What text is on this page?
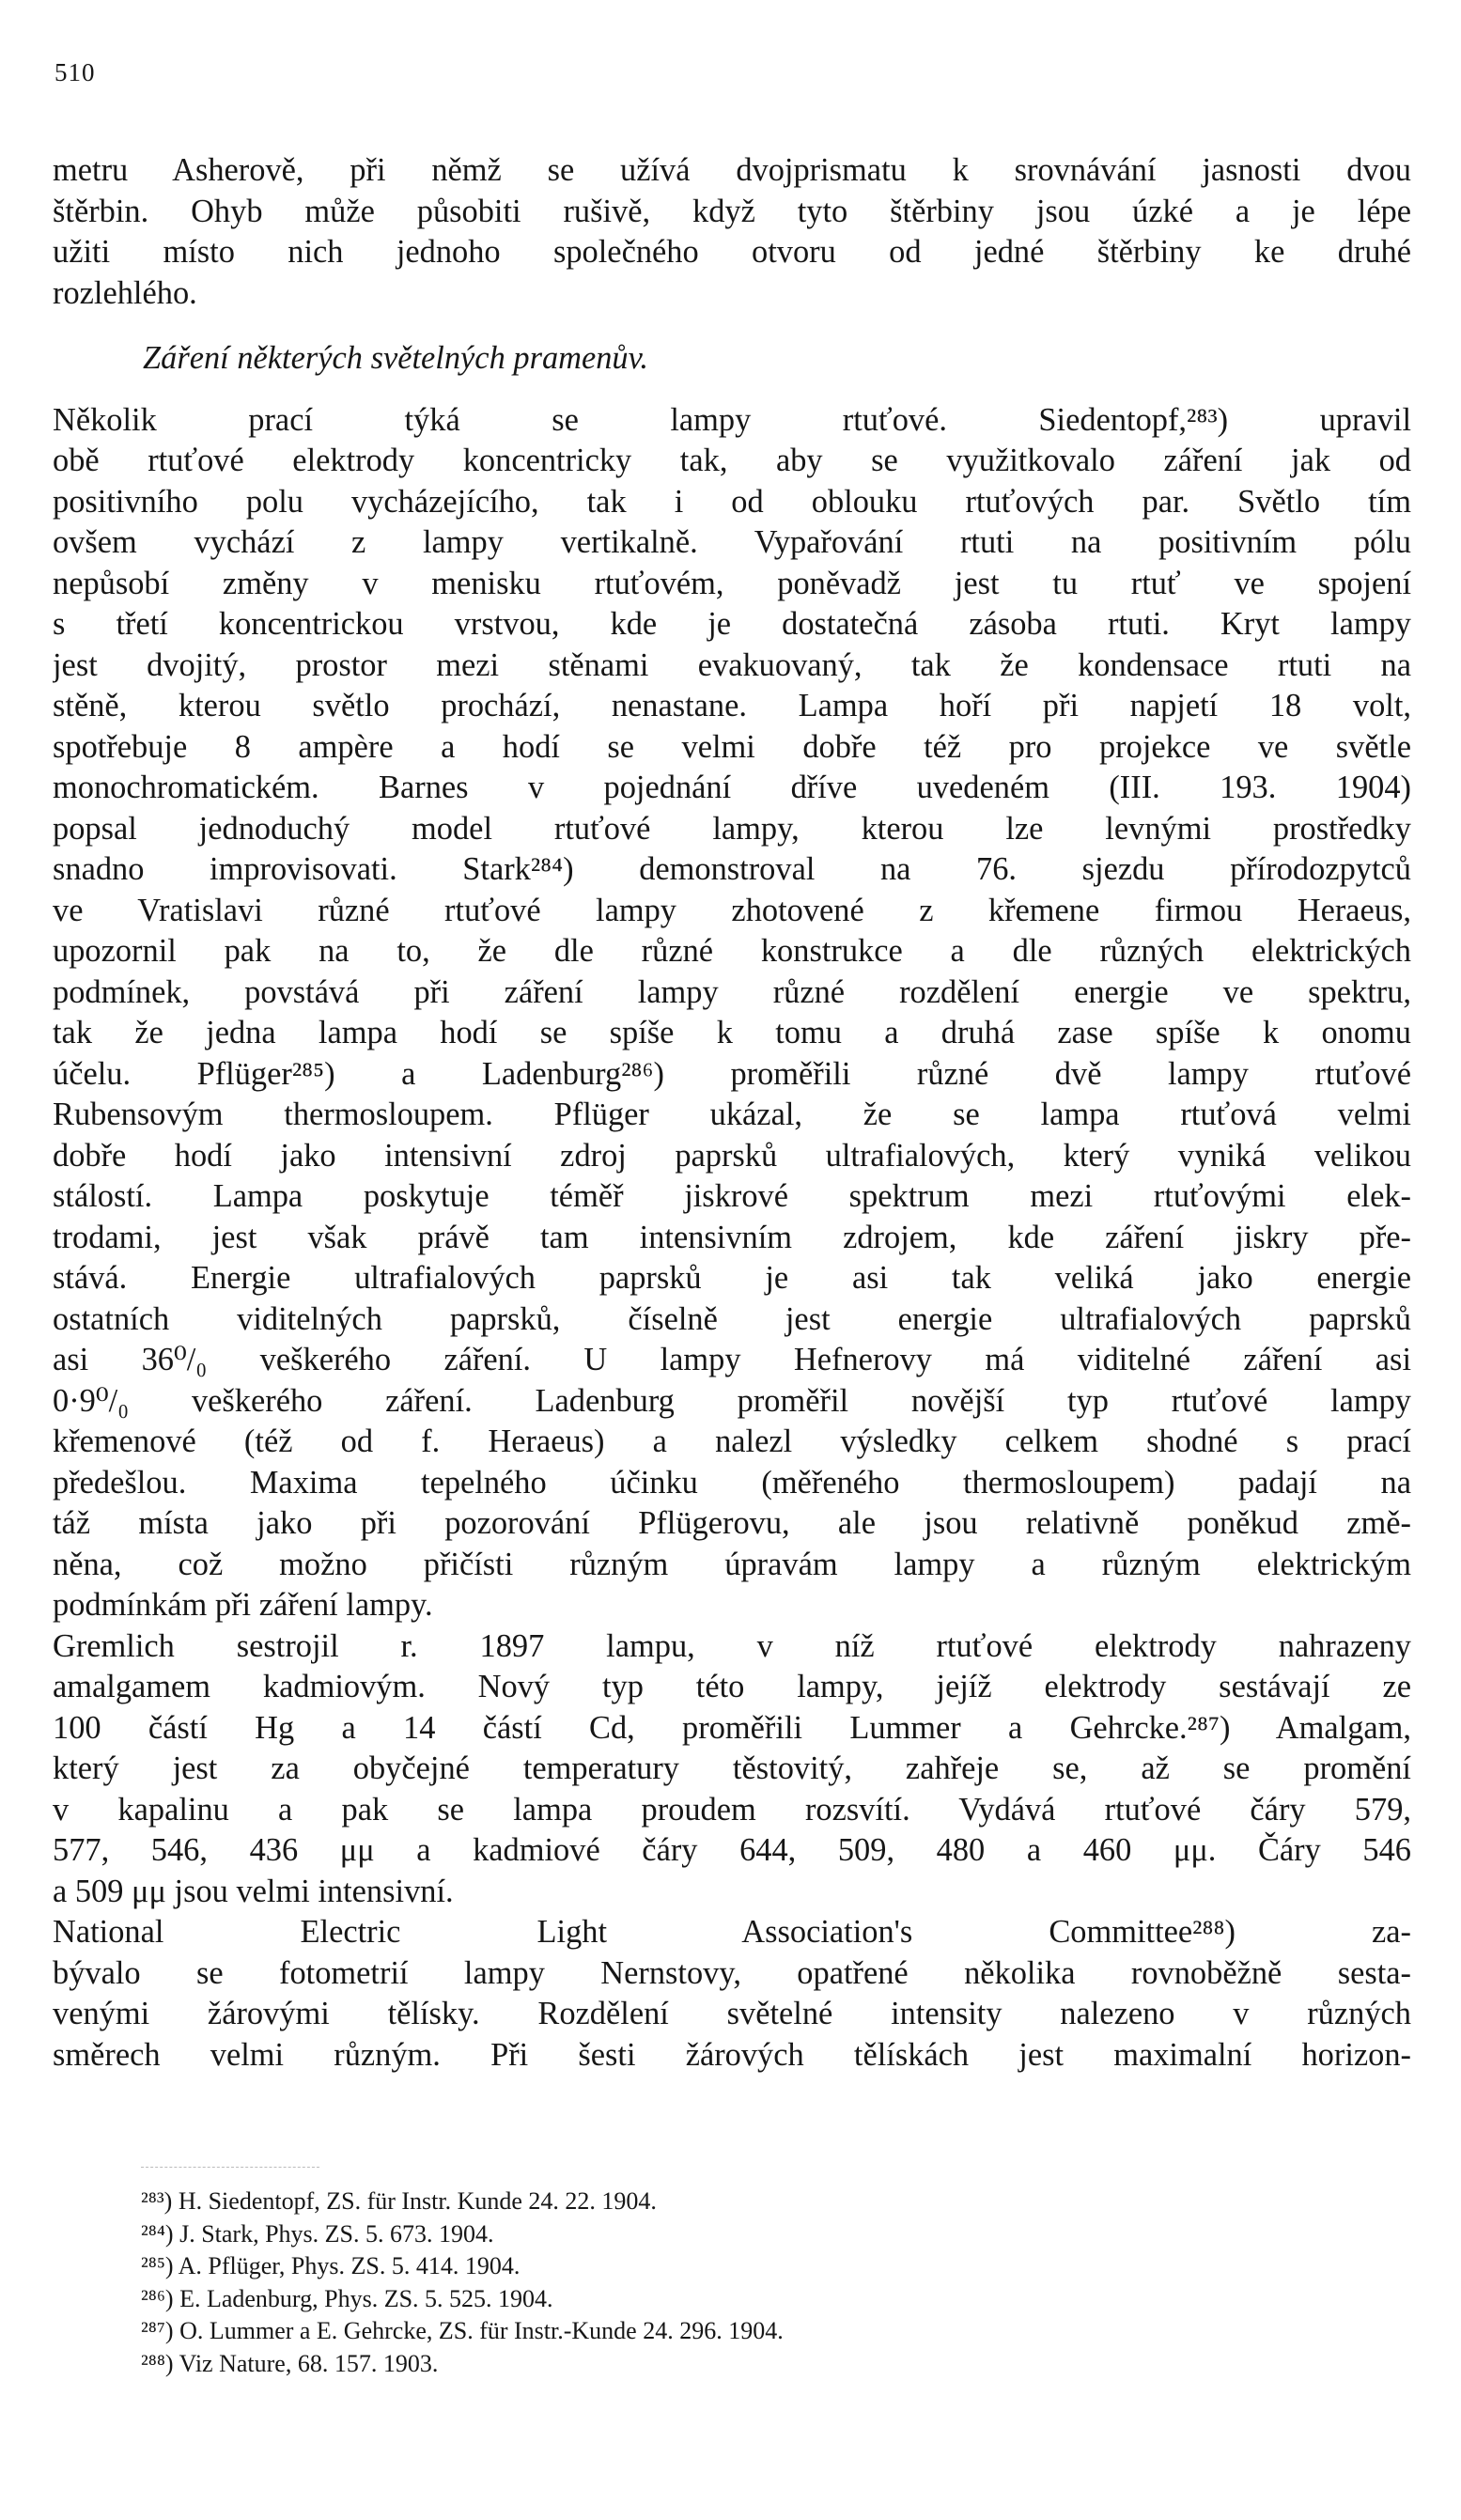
510
metru Asherově, při němž se užívá dvojprismatu k srovnávání jasnosti dvou
štěrbin. Ohyb může působiti rušivě, když tyto štěrbiny jsou úzké a je lépe
užiti místo nich jednoho společného otvoru od jedné štěrbiny ke druhé
rozlehlého.
Záření některých světelných pramenův.
Několik prací týká se lampy rtuťové. Siedentopf,²⁸³) upravil
obě rtuťové elektrody koncentricky tak, aby se využitkovalo záření jak od
positivního polu vycházejícího, tak i od oblouku rtuťových par. Světlo tím
ovšem vychází z lampy vertikalně. Vypařování rtuti na positivním pólu
nepůsobí změny v menisku rtuťovém, poněvadž jest tu rtuť ve spojení
s třetí koncentrickou vrstvou, kde je dostatečná zásoba rtuti. Kryt lampy
jest dvojitý, prostor mezi stěnami evakuovaný, tak že kondensace rtuti na
stěně, kterou světlo prochází, nenastane. Lampa hoří při napjetí 18 volt,
spotřebuje 8 ampère a hodí se velmi dobře též pro projekce ve světle
monochromatickém. Barnes v pojednání dříve uvedeném (III. 193. 1904)
popsal jednoduchý model rtuťové lampy, kterou lze levnými prostředky
snadno improvisovati. Stark²⁸⁴) demonstroval na 76. sjezdu přírodozpytců
ve Vratislavi různé rtuťové lampy zhotovené z křemene firmou Heraeus,
upozornil pak na to, že dle různé konstrukce a dle různých elektrických
podmínek, povstává při záření lampy různé rozdělení energie ve spektru,
tak že jedna lampa hodí se spíše k tomu a druhá zase spíše k onomu
účelu. Pflüger²⁸⁵) a Ladenburg²⁸⁶) proměřili různé dvě lampy rtuťové
Rubensovým thermosloupem. Pflüger ukázal, že se lampa rtuťová velmi
dobře hodí jako intensivní zdroj paprsků ultrafialových, který vyniká velikou
stálostí. Lampa poskytuje téměř jiskrové spektrum mezi rtuťovými elek-
trodami, jest však právě tam intensivním zdrojem, kde záření jiskry pře-
stává. Energie ultrafialových paprsků je asi tak veliká jako energie
ostatních viditelných paprsků, číselně jest energie ultrafialových paprsků
asi 36⁰/₀ veškerého záření. U lampy Hefnerovy má viditelné záření asi
0·9⁰/₀ veškerého záření. Ladenburg proměřil novější typ rtuťové lampy
křemenové (též od f. Heraeus) a nalezl výsledky celkem shodné s prací
předešlou. Maxima tepelného účinku (měřeného thermosloupem) padají na
táž místa jako při pozorování Pflügerovu, ale jsou relativně poněkud změ-
něna, což možno přičísti různým úpravám lampy a různým elektrickým
podmínkám při záření lampy.
Gremlich sestrojil r. 1897 lampu, v níž rtuťové elektrody nahrazeny
amalgamem kadmiovým. Nový typ této lampy, jejíž elektrody sestávají ze
100 částí Hg a 14 částí Cd, proměřili Lummer a Gehrcke.²⁸⁷) Amalgam,
který jest za obyčejné temperatury těstovitý, zahřeje se, až se promění
v kapalinu a pak se lampa proudem rozsvítí. Vydává rtuťové čáry 579,
577, 546, 436 μμ a kadmiové čáry 644, 509, 480 a 460 μμ. Čáry 546
a 509 μμ jsou velmi intensivní.
National Electric Light Association's Committee²⁸⁸) za-
bývalo se fotometrií lampy Nernstovy, opatřené několika rovnoběžně sesta-
venými žárovými tělísky. Rozdělení světelné intensity nalezeno v různých
směrech velmi různým. Při šesti žárových tělískách jest maximalní horizon-
²⁸³) H. Siedentopf, ZS. für Instr. Kunde 24. 22. 1904.
²⁸⁴) J. Stark, Phys. ZS. 5. 673. 1904.
²⁸⁵) A. Pflüger, Phys. ZS. 5. 414. 1904.
²⁸⁶) E. Ladenburg, Phys. ZS. 5. 525. 1904.
²⁸⁷) O. Lummer a E. Gehrcke, ZS. für Instr.-Kunde 24. 296. 1904.
²⁸⁸) Viz Nature, 68. 157. 1903.
